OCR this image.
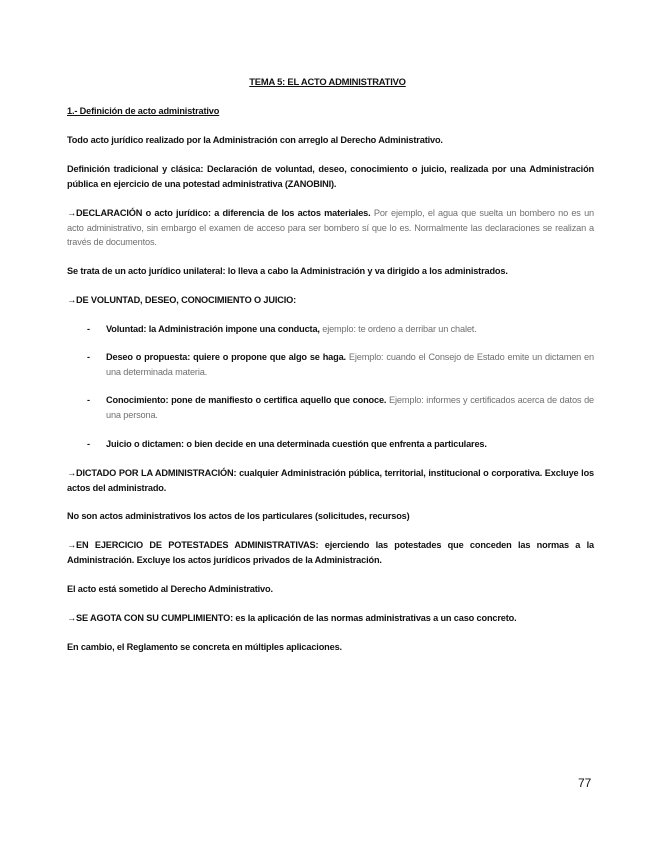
TEMA 5: EL ACTO ADMINISTRATIVO
1.- Definición de acto administrativo
Todo acto jurídico realizado por la Administración con arreglo al Derecho Administrativo.
Definición tradicional y clásica: Declaración de voluntad, deseo, conocimiento o juicio, realizada por una Administración pública en ejercicio de una potestad administrativa (ZANOBINI).
→DECLARACIÓN o acto jurídico: a diferencia de los actos materiales. Por ejemplo, el agua que suelta un bombero no es un acto administrativo, sin embargo el examen de acceso para ser bombero sí que lo es. Normalmente las declaraciones se realizan a través de documentos.
Se trata de un acto jurídico unilateral: lo lleva a cabo la Administración y va dirigido a los administrados.
→DE VOLUNTAD, DESEO, CONOCIMIENTO O JUICIO:
- Voluntad: la Administración impone una conducta, ejemplo: te ordeno a derribar un chalet.
- Deseo o propuesta: quiere o propone que algo se haga. Ejemplo: cuando el Consejo de Estado emite un dictamen en una determinada materia.
- Conocimiento: pone de manifiesto o certifica aquello que conoce. Ejemplo: informes y certificados acerca de datos de una persona.
- Juicio o dictamen: o bien decide en una determinada cuestión que enfrenta a particulares.
→DICTADO POR LA ADMINISTRACIÓN: cualquier Administración pública, territorial, institucional o corporativa. Excluye los actos del administrado.
No son actos administrativos los actos de los particulares (solicitudes, recursos)
→EN EJERCICIO DE POTESTADES ADMINISTRATIVAS: ejerciendo las potestades que conceden las normas a la Administración. Excluye los actos jurídicos privados de la Administración.
El acto está sometido al Derecho Administrativo.
→SE AGOTA CON SU CUMPLIMIENTO: es la aplicación de las normas administrativas a un caso concreto.
En cambio, el Reglamento se concreta en múltiples aplicaciones.
77
